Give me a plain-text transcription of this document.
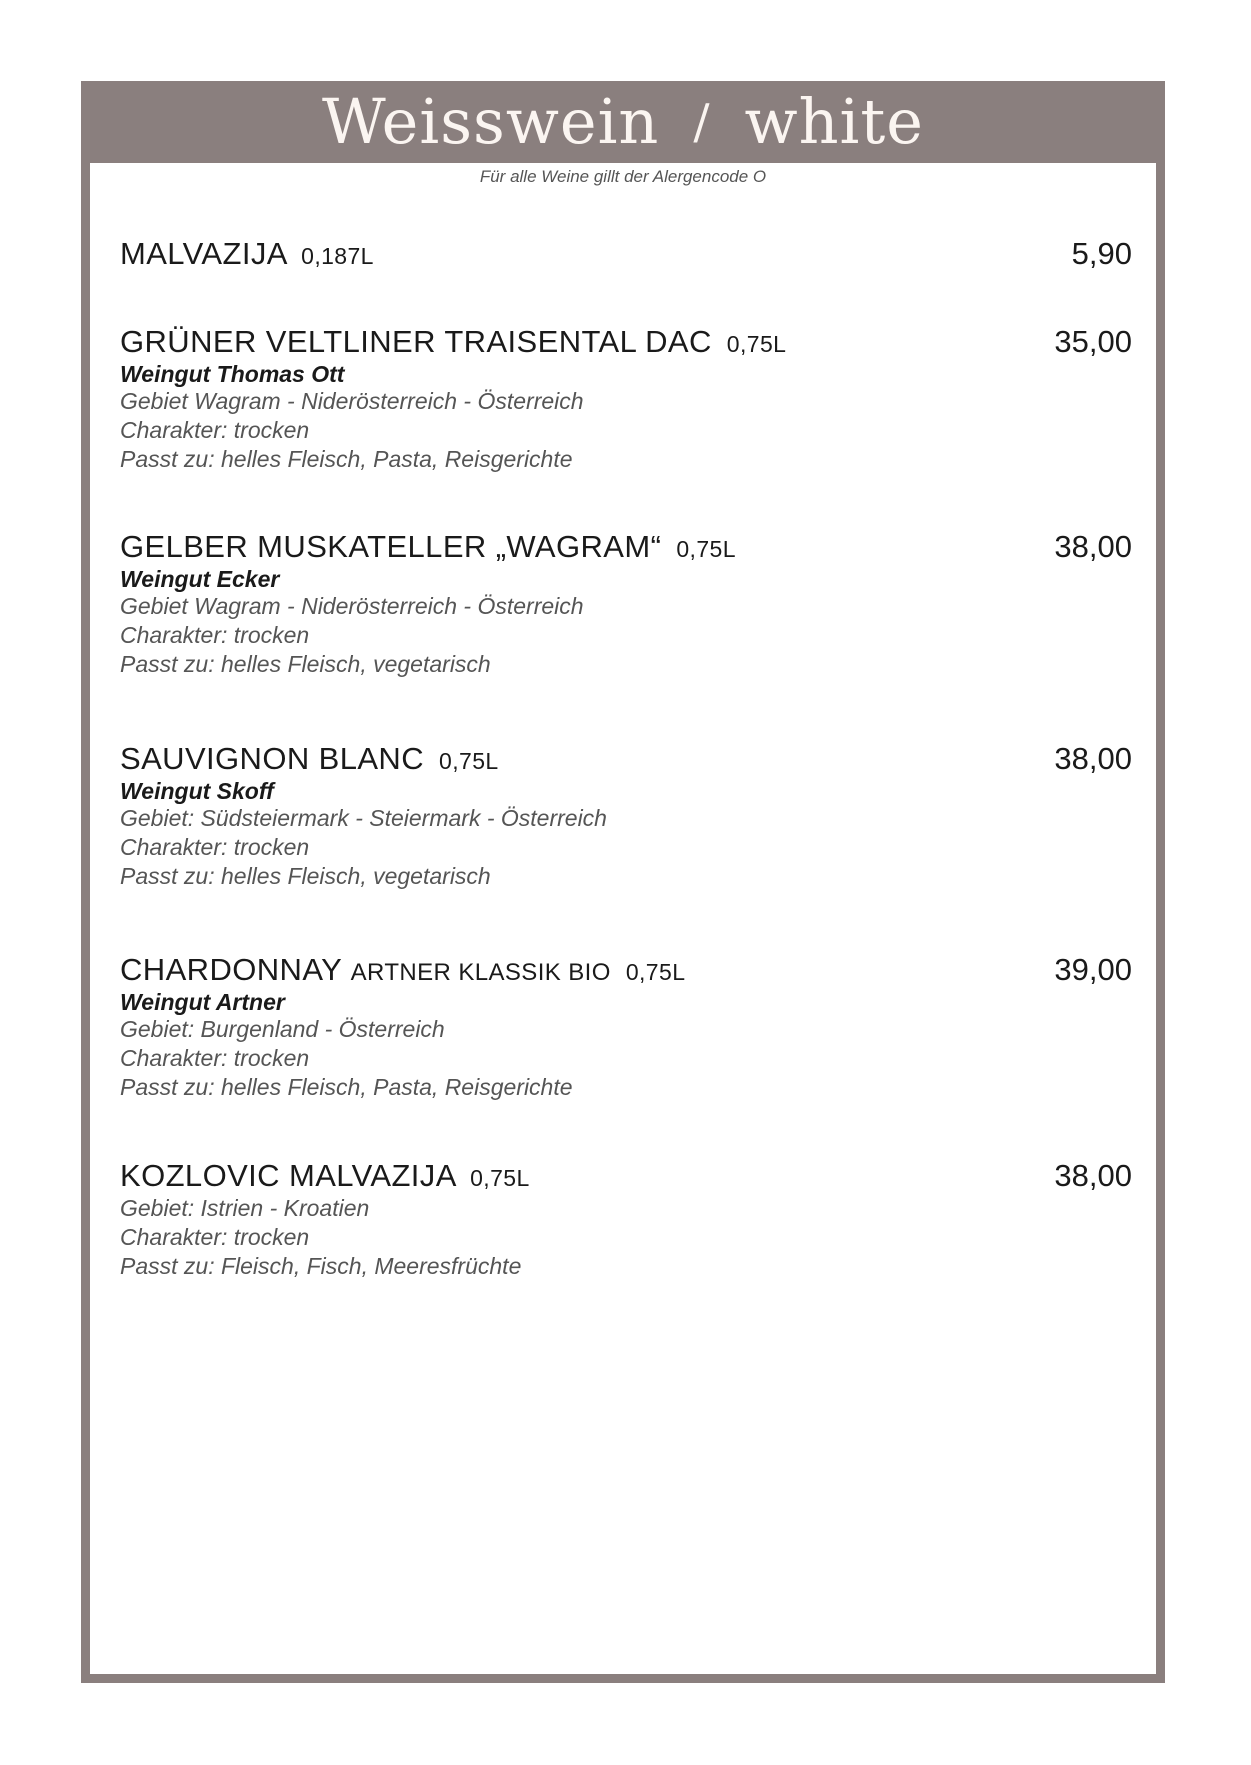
Weisswein / white
Für alle Weine gillt der Alergencode O
MALVAZIJA 0,187L	5,90
GRÜNER VELTLINER TRAISENTAL DAC 0,75L	35,00
Weingut Thomas Ott
Gebiet Wagram - Niderösterreich - Österreich
Charakter: trocken
Passt zu: helles Fleisch, Pasta, Reisgerichte
GELBER MUSKATELLER „WAGRAM“ 0,75L	38,00
Weingut Ecker
Gebiet Wagram - Niderösterreich - Österreich
Charakter: trocken
Passt zu: helles Fleisch, vegetarisch
SAUVIGNON BLANC 0,75L	38,00
Weingut Skoff
Gebiet: Südsteiermark - Steiermark - Österreich
Charakter: trocken
Passt zu: helles Fleisch, vegetarisch
CHARDONNAY ARTNER KLASSIK BIO 0,75L	39,00
Weingut Artner
Gebiet: Burgenland - Österreich
Charakter: trocken
Passt zu: helles Fleisch, Pasta, Reisgerichte
KOZLOVIC MALVAZIJA 0,75L	38,00
Gebiet: Istrien - Kroatien
Charakter: trocken
Passt zu: Fleisch, Fisch, Meeresfrüchte
